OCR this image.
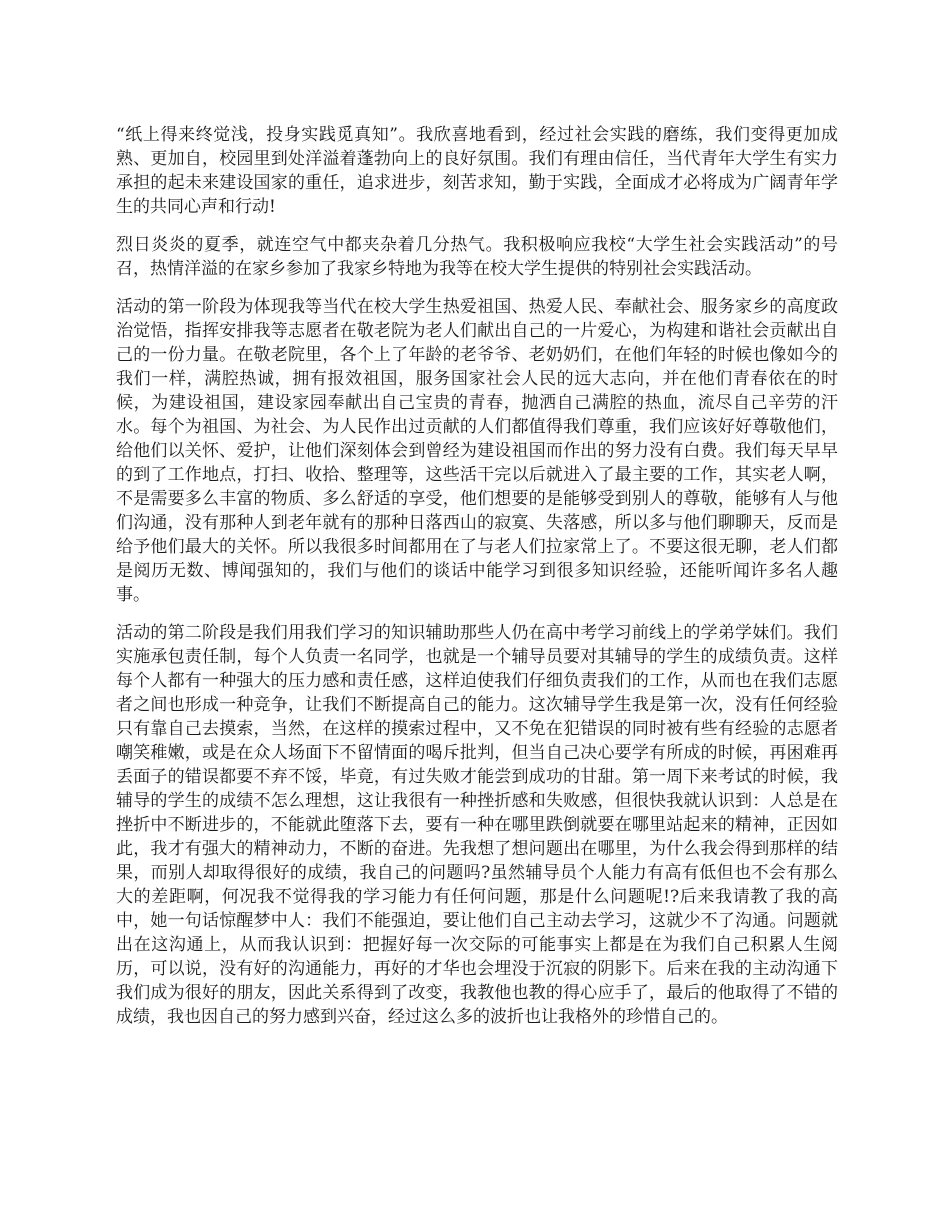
“纸上得来终觉浅，投身实践觅真知”。我欣喜地看到，经过社会实践的磨练，我们变得更加成熟、更加自，校园里到处洋溢着蓬勃向上的良好氛围。我们有理由信任，当代青年大学生有实力承担的起未来建设国家的重任，追求进步，刻苦求知，勤于实践，全面成才必将成为广阔青年学生的共同心声和行动!

烈日炎炎的夏季，就连空气中都夹杂着几分热气。我积极响应我校“大学生社会实践活动”的号召，热情洋溢的在家乡参加了我家乡特地为我等在校大学生提供的特别社会实践活动。

活动的第一阶段为体现我等当代在校大学生热爱祖国、热爱人民、奉献社会、服务家乡的高度政治觉悟，指挥安排我等志愿者在敬老院为老人们献出自己的一片爱心，为构建和谐社会贡献出自己的一份力量。在敬老院里，各个上了年龄的老爷爷、老奶奶们，在他们年轻的时候也像如今的我们一样，满腔热诚，拥有报效祖国，服务国家社会人民的远大志向，并在他们青春依在的时候，为建设祖国，建设家园奉献出自己宝贵的青春，抛洒自己满腔的热血，流尽自己辛劳的汗水。每个为祖国、为社会、为人民作出过贡献的人们都值得我们尊重，我们应该好好尊敬他们，给他们以关怀、爱护，让他们深刻体会到曾经为建设祖国而作出的努力没有白费。我们每天早早的到了工作地点，打扫、收拾、整理等，这些活干完以后就进入了最主要的工作，其实老人啊，不是需要多么丰富的物质、多么舒适的享受，他们想要的是能够受到别人的尊敬，能够有人与他们沟通，没有那种人到老年就有的那种日落西山的寂寞、失落感，所以多与他们聊聊天，反而是给予他们最大的关怀。所以我很多时间都用在了与老人们拉家常上了。不要这很无聊，老人们都是阅历无数、博闻强知的，我们与他们的谈话中能学习到很多知识经验，还能听闻许多名人趣事。

活动的第二阶段是我们用我们学习的知识辅助那些人仍在高中考学习前线上的学弟学妹们。我们实施承包责任制，每个人负责一名同学，也就是一个辅导员要对其辅导的学生的成绩负责。这样每个人都有一种强大的压力感和责任感，这样迫使我们仔细负责我们的工作，从而也在我们志愿者之间也形成一种竞争，让我们不断提高自己的能力。这次辅导学生我是第一次，没有任何经验只有靠自己去摸索，当然，在这样的摸索过程中，又不免在犯错误的同时被有些有经验的志愿者嘲笑稚嫩，或是在众人场面下不留情面的喝斥批判，但当自己决心要学有所成的时候，再困难再丢面子的错误都要不弃不馁，毕竟，有过失败才能尝到成功的甘甜。第一周下来考试的时候，我辅导的学生的成绩不怎么理想，这让我很有一种挫折感和失败感，但很快我就认识到：人总是在挫折中不断进步的，不能就此堕落下去，要有一种在哪里跌倒就要在哪里站起来的精神，正因如此，我才有强大的精神动力，不断的奋进。先我想了想问题出在哪里，为什么我会得到那样的结果，而别人却取得很好的成绩，我自己的问题吗?虽然辅导员个人能力有高有低但也不会有那么大的差距啊，何况我不觉得我的学习能力有任何问题，那是什么问题呢!?后来我请教了我的高中，她一句话惊醒梦中人：我们不能强迫，要让他们自己主动去学习，这就少不了沟通。问题就出在这沟通上，从而我认识到：把握好每一次交际的可能事实上都是在为我们自己积累人生阅历，可以说，没有好的沟通能力，再好的才华也会埋没于沉寂的阴影下。后来在我的主动沟通下我们成为很好的朋友，因此关系得到了改变，我教他也教的得心应手了，最后的他取得了不错的成绩，我也因自己的努力感到兴奋，经过这么多的波折也让我格外的珍惜自己的。
